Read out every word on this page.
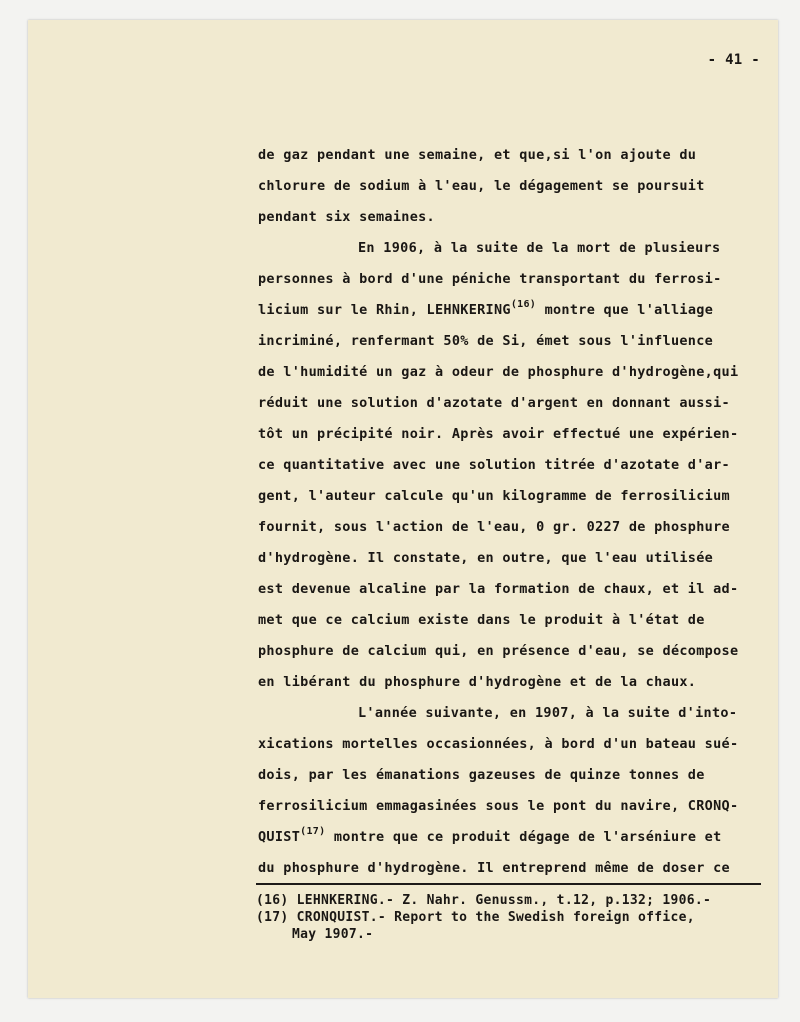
- 41 -
de gaz pendant une semaine, et que,si l'on ajoute du
chlorure de sodium à l'eau, le dégagement se poursuit
pendant six semaines.
En 1906, à la suite de la mort de plusieurs
personnes à bord d'une péniche transportant du ferrosi-
licium sur le Rhin, LEHNKERING$^{(16)}$ montre que l'alliage
incriminé, renfermant 50% de Si, émet sous l'influence
de l'humidité un gaz à odeur de phosphure d'hydrogène,qui
réduit une solution d'azotate d'argent en donnant aussi-
tôt un précipité noir. Après avoir effectué une expérien-
ce quantitative avec une solution titrée d'azotate d'ar-
gent, l'auteur calcule qu'un kilogramme de ferrosilicium
fournit, sous l'action de l'eau, 0 gr. 0227 de phosphure
d'hydrogène. Il constate, en outre, que l'eau utilisée
est devenue alcaline par la formation de chaux, et il ad-
met que ce calcium existe dans le produit à l'état de
phosphure de calcium qui, en présence d'eau, se décompose
en libérant du phosphure d'hydrogène et de la chaux.
L'année suivante, en 1907, à la suite d'into-
xications mortelles occasionnées, à bord d'un bateau sué-
dois, par les émanations gazeuses de quinze tonnes de
ferrosilicium emmagasinées sous le pont du navire, CRONQ-
QUIST$^{(17)}$ montre que ce produit dégage de l'arséniure et
du phosphure d'hydrogène. Il entreprend même de doser ce
(16) LEHNKERING.- Z. Nahr. Genussm., t.12, p.132; 1906.-
(17) CRONQUIST.- Report to the Swedish foreign office,
May 1907.-
